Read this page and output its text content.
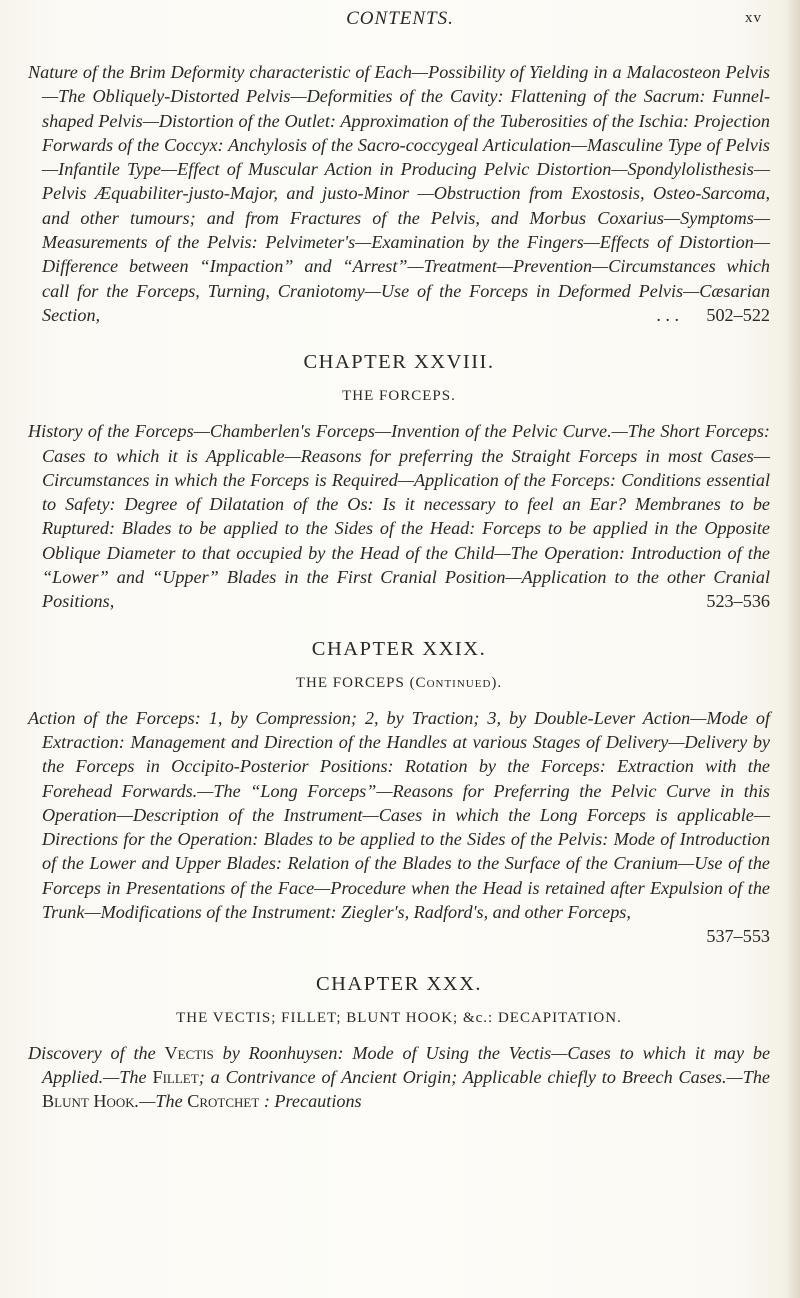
CONTENTS.	xv

Nature of the Brim Deformity characteristic of Each—Possibility of Yielding in a Malacosteon Pelvis—The Obliquely-Distorted Pelvis—Deformities of the Cavity: Flattening of the Sacrum: Funnel-shaped Pelvis—Distortion of the Outlet: Approximation of the Tuberosities of the Ischia: Projection Forwards of the Coccyx: Anchylosis of the Sacro-coccygeal Articulation—Masculine Type of Pelvis—Infantile Type—Effect of Muscular Action in Producing Pelvic Distortion—Spondylolisthesis—Pelvis Æquabiliter-justo-Major, and justo-Minor —Obstruction from Exostosis, Osteo-Sarcoma, and other tumours; and from Fractures of the Pelvis, and Morbus Coxarius—Symptoms—Measurements of the Pelvis: Pelvimeter's—Examination by the Fingers—Effects of Distortion—Difference between “Impaction” and “Arrest”—Treatment—Prevention—Circumstances which call for the Forceps, Turning, Craniotomy—Use of the Forceps in Deformed Pelvis—Cæsarian Section,	. . . 502–522

CHAPTER XXVIII.

THE FORCEPS.

History of the Forceps—Chamberlen's Forceps—Invention of the Pelvic Curve.—The Short Forceps: Cases to which it is Applicable—Reasons for preferring the Straight Forceps in most Cases—Circumstances in which the Forceps is Required—Application of the Forceps: Conditions essential to Safety: Degree of Dilatation of the Os: Is it necessary to feel an Ear? Membranes to be Ruptured: Blades to be applied to the Sides of the Head: Forceps to be applied in the Opposite Oblique Diameter to that occupied by the Head of the Child—The Operation: Introduction of the “Lower” and “Upper” Blades in the First Cranial Position—Application to the other Cranial Positions,	523–536

CHAPTER XXIX.

THE FORCEPS (Continued).

Action of the Forceps: 1, by Compression; 2, by Traction; 3, by Double-Lever Action—Mode of Extraction: Management and Direction of the Handles at various Stages of Delivery—Delivery by the Forceps in Occipito-Posterior Positions: Rotation by the Forceps: Extraction with the Forehead Forwards.—The “Long Forceps”—Reasons for Preferring the Pelvic Curve in this Operation—Description of the Instrument—Cases in which the Long Forceps is applicable—Directions for the Operation: Blades to be applied to the Sides of the Pelvis: Mode of Introduction of the Lower and Upper Blades: Relation of the Blades to the Surface of the Cranium—Use of the Forceps in Presentations of the Face—Procedure when the Head is retained after Expulsion of the Trunk—Modifications of the Instrument: Ziegler's, Radford's, and other Forceps,
537–553

CHAPTER XXX.

THE VECTIS; FILLET; BLUNT HOOK; &c.: DECAPITATION.

Discovery of the Vectis by Roonhuysen: Mode of Using the Vectis—Cases to which it may be Applied.—The Fillet; a Contrivance of Ancient Origin; Applicable chiefly to Breech Cases.—The Blunt Hook.—The Crotchet : Precautions
